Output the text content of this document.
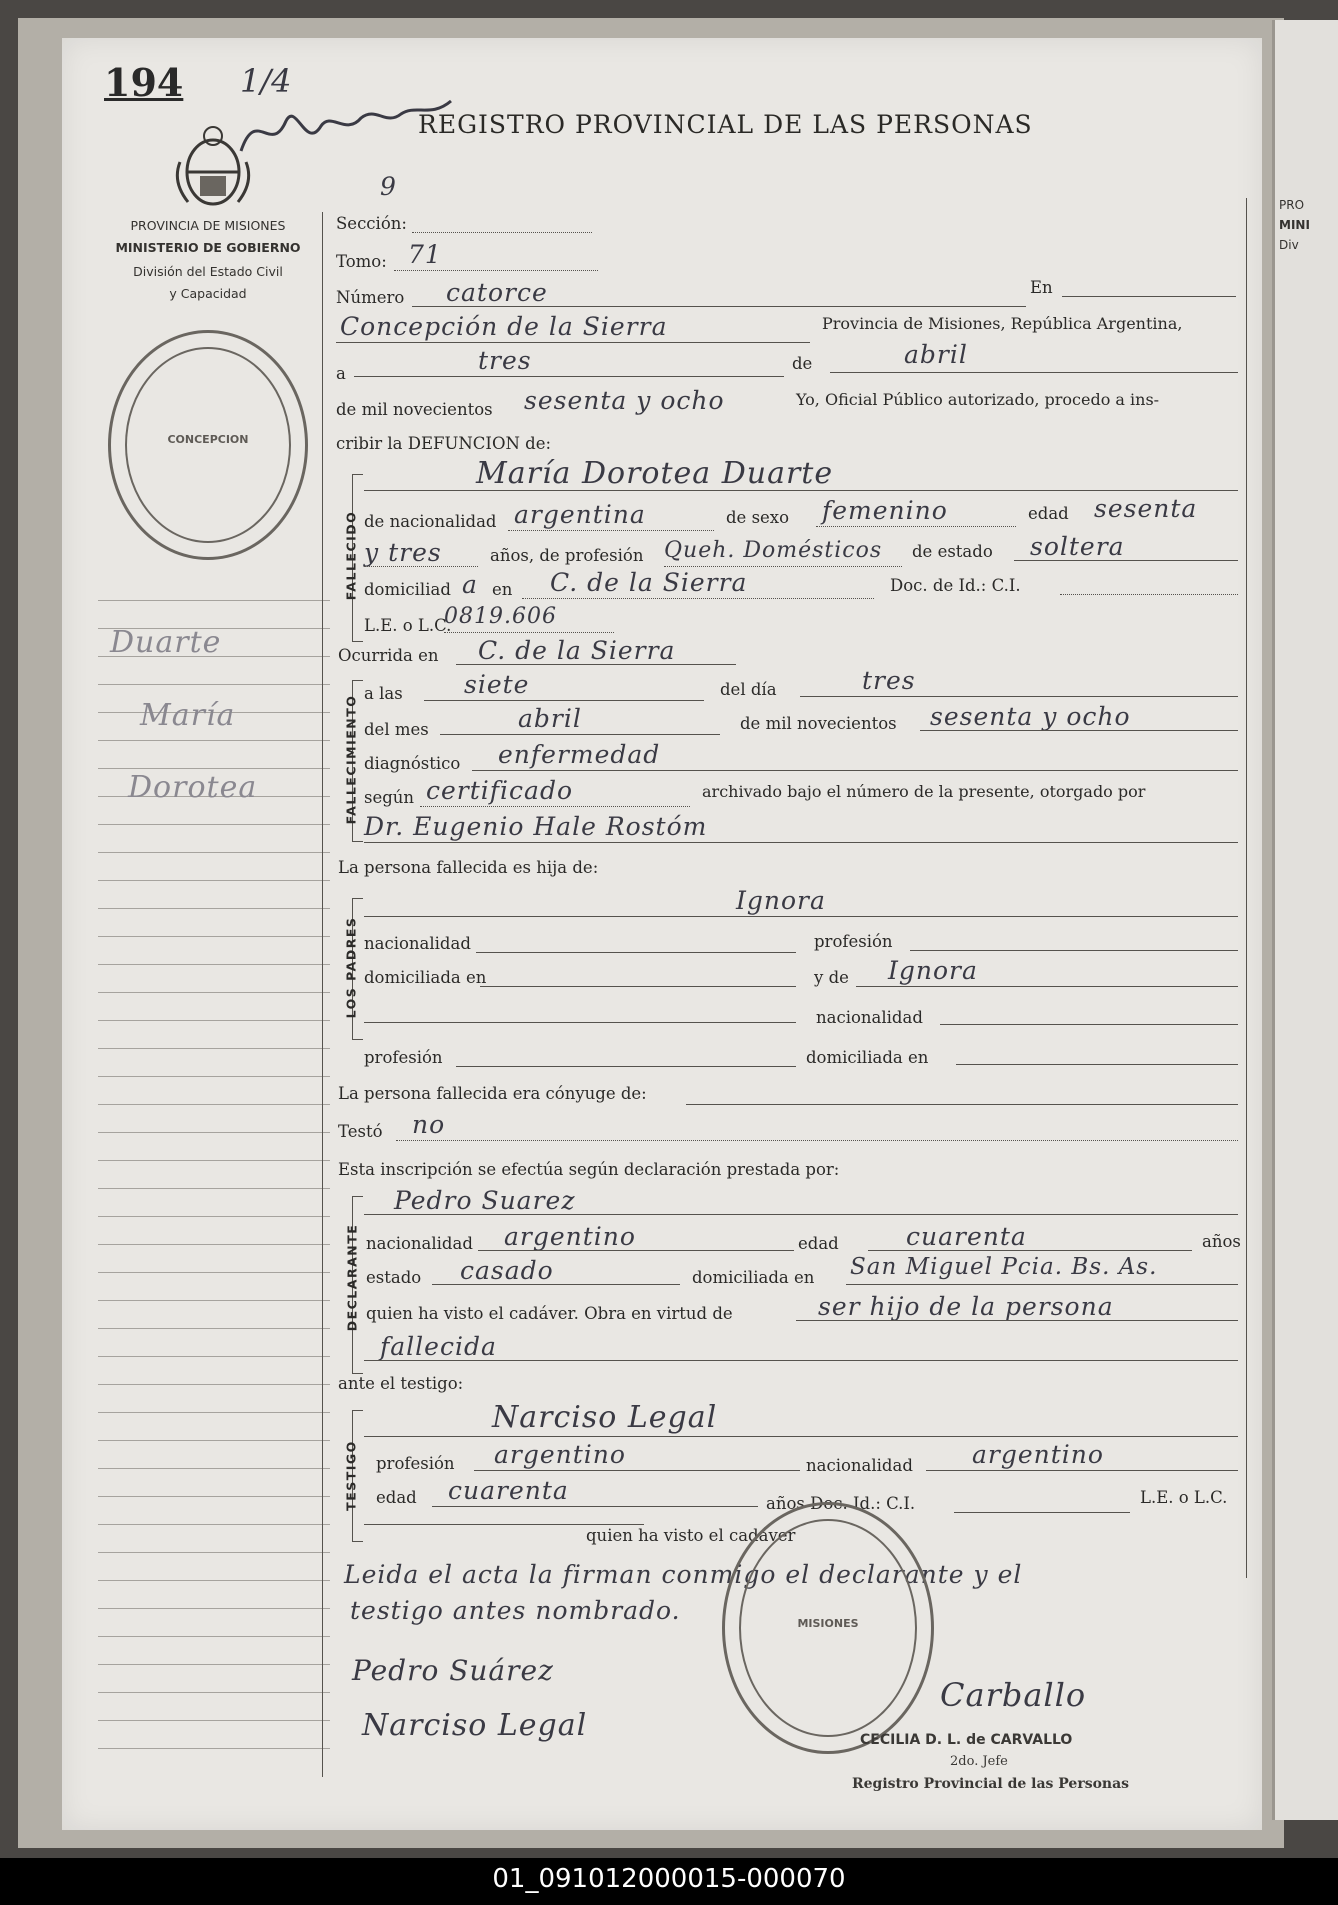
PRO
MINI
Div
194 1/4
REGISTRO PROVINCIAL DE LAS PERSONAS
PROVINCIA DE MISIONES
MINISTERIO DE GOBIERNO
División del Estado Civil
y Capacidad
CONCEPCION
Duarte
María
Dorotea
Sección:
9
Tomo: 71
Número catorce	En
Concepción de la Sierra	Provincia de Misiones, República Argentina,
a	tres	de	abril
de mil novecientos sesenta y ocho	Yo, Oficial Público autorizado, procedo a ins-
cribir la DEFUNCION de:
FALLECIDO
María Dorotea Duarte
de nacionalidad argentina	de sexo femenino	edad sesenta
y tres	años, de profesión Queh. Domésticos de estado soltera
domiciliad a en C. de la Sierra	Doc. de Id.: C.I.
L.E. o L.C.
0819.606
Ocurrida en C. de la Sierra
FALLECIMIENTO
a las siete	del día	tres
del mes	abril	de mil novecientos sesenta y ocho
diagnóstico enfermedad
según certificado	archivado bajo el número de la presente, otorgado por
Dr. Eugenio Hale Rostóm
La persona fallecida es hija de:
LOS PADRES
Ignora
nacionalidad	profesión
domiciliada en	y de Ignora
nacionalidad
profesión	domiciliada en
La persona fallecida era cónyuge de:
Testó no
Esta inscripción se efectúa según declaración prestada por:
DECLARANTE
Pedro Suarez
nacionalidad argentino	edad	cuarenta	años
estado casado	domiciliada en San Miguel Pcia. Bs. As.
quien ha visto el cadáver. Obra en virtud de	ser hijo de la persona
fallecida
ante el testigo:
TESTIGO
Narciso Legal
profesión argentino	nacionalidad argentino
edad cuarenta	años Doc. Id.: C.I.	L.E. o L.C.
quien ha visto el cadáver
Leida el acta la firman conmigo el declarante y el
testigo antes nombrado.
Pedro Suárez
Narciso Legal
Carballo
MISIONES
CECILIA D. L. de CARVALLO
2do. Jefe
Registro Provincial de las Personas
01_091012000015-000070
